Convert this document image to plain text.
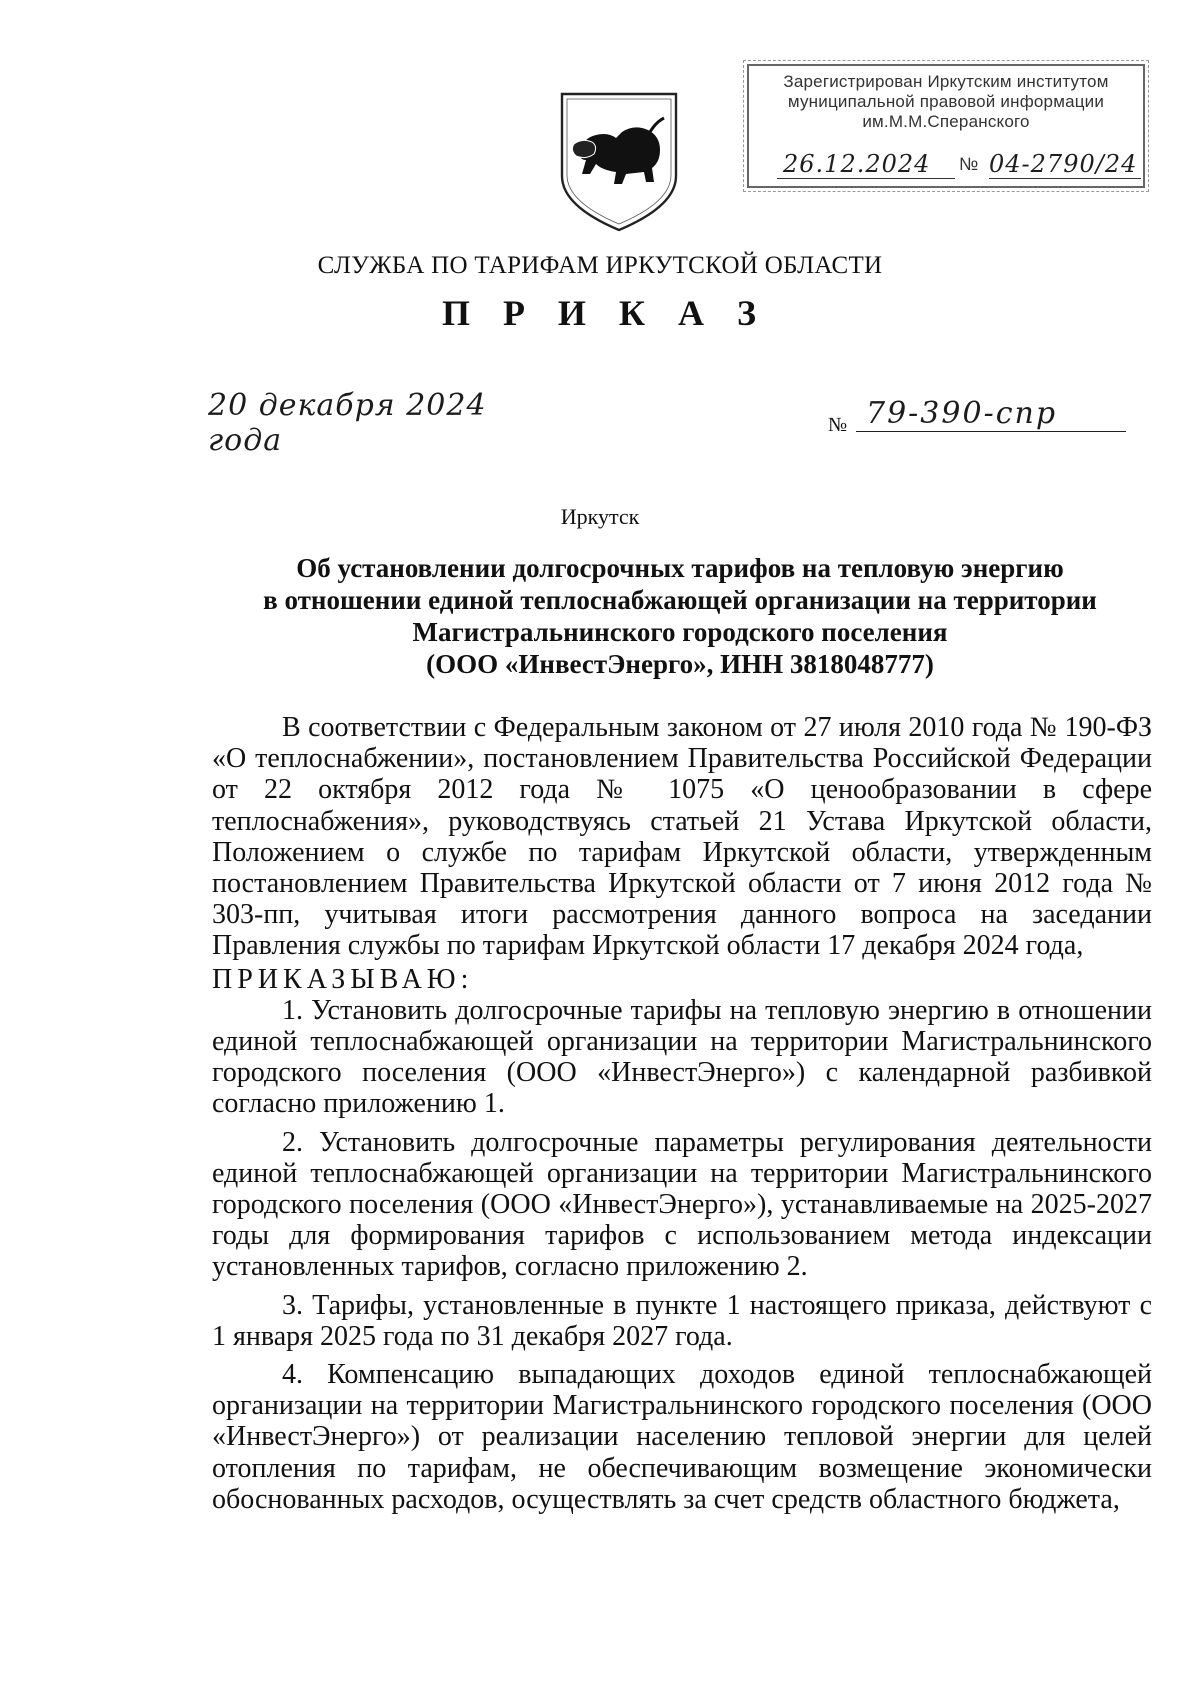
Зарегистрирован Иркутским институтом
муниципальной правовой информации
им.М.М.Сперанского
26.12.2024	№ 04-2790/24
СЛУЖБА ПО ТАРИФАМ ИРКУТСКОЙ ОБЛАСТИ
П Р И К А З
20 декабря 2024 года	№ 79-390-спр
Иркутск
Об установлении долгосрочных тарифов на тепловую энергию
в отношении единой теплоснабжающей организации на территории
Магистральнинского городского поселения
(ООО «ИнвестЭнерго», ИНН 3818048777)

В соответствии с Федеральным законом от 27 июля 2010 года № 190-ФЗ «О теплоснабжении», постановлением Правительства Российской Федерации от 22 октября 2012 года № 1075 «О ценообразовании в сфере теплоснабжения», руководствуясь статьей 21 Устава Иркутской области, Положением о службе по тарифам Иркутской области, утвержденным постановлением Правительства Иркутской области от 7 июня 2012 года № 303-пп, учитывая итоги рассмотрения данного вопроса на заседании Правления службы по тарифам Иркутской области 17 декабря 2024 года,

ПРИКАЗЫВАЮ:

1. Установить долгосрочные тарифы на тепловую энергию в отношении единой теплоснабжающей организации на территории Магистральнинского городского поселения (ООО «ИнвестЭнерго») с календарной разбивкой согласно приложению 1.

2. Установить долгосрочные параметры регулирования деятельности единой теплоснабжающей организации на территории Магистральнинского городского поселения (ООО «ИнвестЭнерго»), устанавливаемые на 2025-2027 годы для формирования тарифов с использованием метода индексации установленных тарифов, согласно приложению 2.

3. Тарифы, установленные в пункте 1 настоящего приказа, действуют с 1 января 2025 года по 31 декабря 2027 года.

4. Компенсацию выпадающих доходов единой теплоснабжающей организации на территории Магистральнинского городского поселения (ООО «ИнвестЭнерго») от реализации населению тепловой энергии для целей отопления по тарифам, не обеспечивающим возмещение экономически обоснованных расходов, осуществлять за счет средств областного бюджета,
